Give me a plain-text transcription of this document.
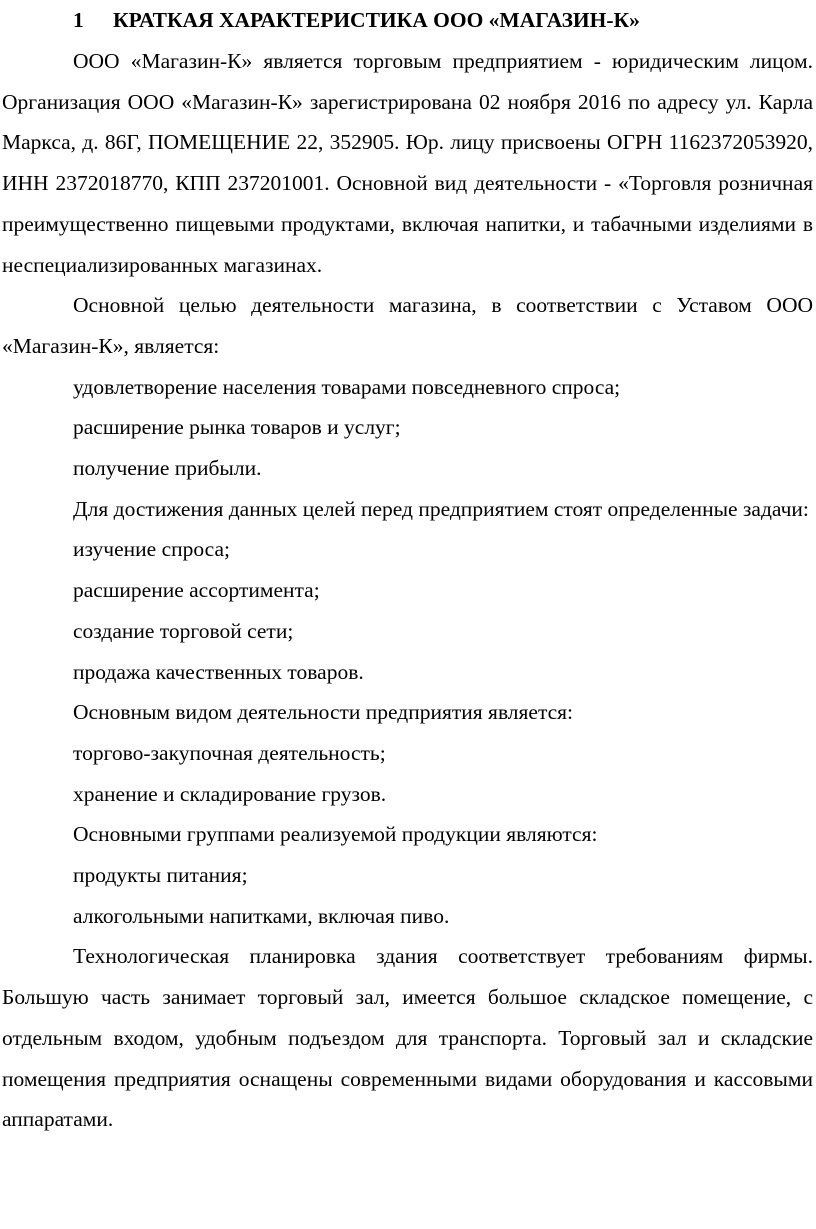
1 КРАТКАЯ ХАРАКТЕРИСТИКА ООО «МАГАЗИН-К»

ООО «Магазин-К» является торговым предприятием - юридическим лицом. Организация ООО «Магазин-К» зарегистрирована 02 ноября 2016 по адресу ул. Карла Маркса, д. 86Г, ПОМЕЩЕНИЕ 22, 352905. Юр. лицу присвоены ОГРН 1162372053920, ИНН 2372018770, КПП 237201001. Основной вид деятельности - «Торговля розничная преимущественно пищевыми продуктами, включая напитки, и табачными изделиями в неспециализированных магазинах.

Основной целью деятельности магазина, в соответствии с Уставом ООО «Магазин-К», является:

удовлетворение населения товарами повседневного спроса;

расширение рынка товаров и услуг;

получение прибыли.

Для достижения данных целей перед предприятием стоят определенные задачи:

изучение спроса;

расширение ассортимента;

создание торговой сети;

продажа качественных товаров.

Основным видом деятельности предприятия является:

торгово-закупочная деятельность;

хранение и складирование грузов.

Основными группами реализуемой продукции являются:

продукты питания;

алкогольными напитками, включая пиво.

Технологическая планировка здания соответствует требованиям фирмы. Большую часть занимает торговый зал, имеется большое складское помещение, с отдельным входом, удобным подъездом для транспорта. Торговый зал и складские помещения предприятия оснащены современными видами оборудования и кассовыми аппаратами.
